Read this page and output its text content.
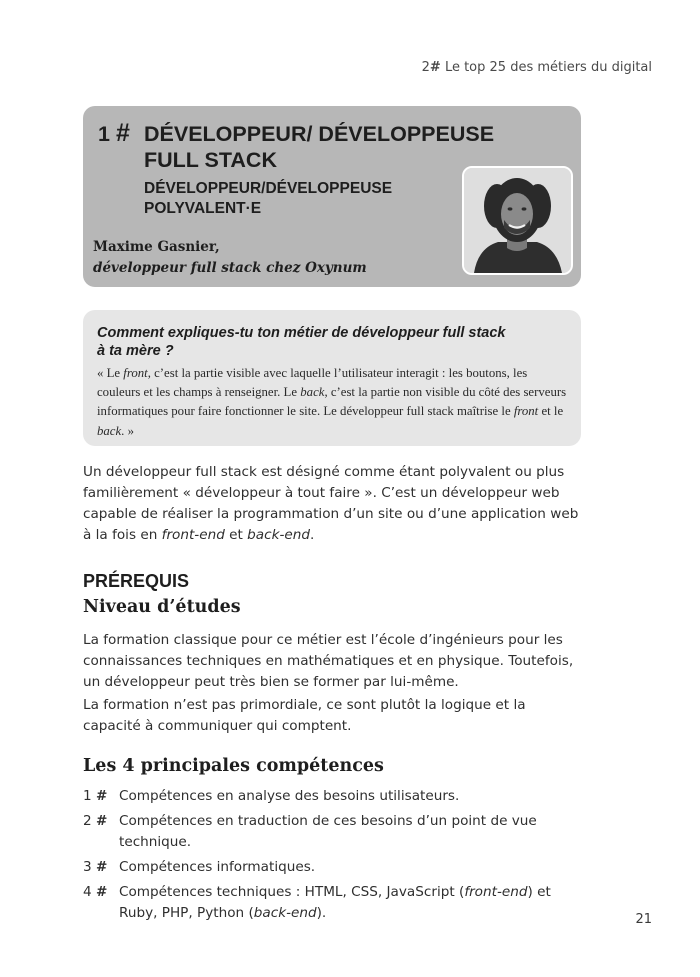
2# Le top 25 des métiers du digital
1 # DÉVELOPPEUR/ DÉVELOPPEUSE
FULL STACK
DÉVELOPPEUR/DÉVELOPPEUSE
POLYVALENT·E
Maxime Gasnier,
développeur full stack chez Oxynum
Comment expliques-tu ton métier de développeur full stack
à ta mère ?
« Le front, c’est la partie visible avec laquelle l’utilisateur interagit : les boutons, les couleurs et les champs à renseigner. Le back, c’est la partie non visible du côté des serveurs informatiques pour faire fonctionner le site. Le développeur full stack maîtrise le front et le back. »
Un développeur full stack est désigné comme étant polyvalent ou plus familièrement « développeur à tout faire ». C’est un développeur web capable de réaliser la programmation d’un site ou d’une application web à la fois en front-end et back-end.
PRÉREQUIS
Niveau d’études
La formation classique pour ce métier est l’école d’ingénieurs pour les connaissances techniques en mathématiques et en physique. Toutefois, un développeur peut très bien se former par lui-même.
La formation n’est pas primordiale, ce sont plutôt la logique et la capacité à communiquer qui comptent.
Les 4 principales compétences
1 # Compétences en analyse des besoins utilisateurs.
2 # Compétences en traduction de ces besoins d’un point de vue technique.
3 # Compétences informatiques.
4 # Compétences techniques : HTML, CSS, JavaScript (front-end) et Ruby, PHP, Python (back-end).	21
